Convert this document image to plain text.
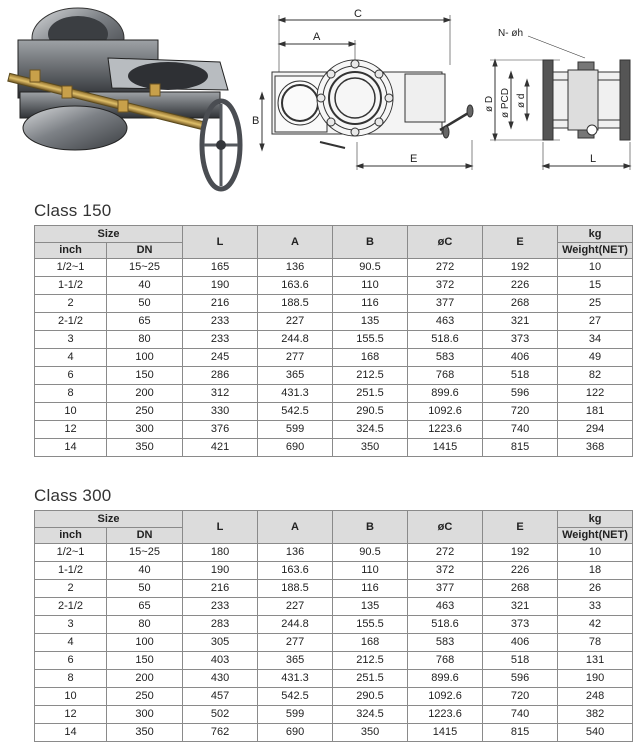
C
A
B
E
N- øh
ø D ø PCD ø d
L
Class 150
Size		L	A	B	øC	E	kg
inch	DN						Weight(NET)
1/2~1	15~25	165	136	90.5	272	192	10
1-1/2	40	190	163.6	110	372	226	15
2	50	216	188.5	116	377	268	25
2-1/2	65	233	227	135	463	321	27
3	80	233	244.8	155.5	518.6	373	34
4	100	245	277	168	583	406	49
6	150	286	365	212.5	768	518	82
8	200	312	431.3	251.5	899.6	596	122
10	250	330	542.5	290.5	1092.6	720	181
12	300	376	599	324.5	1223.6	740	294
14	350	421	690	350	1415	815	368
Class 300
Size		L	A	B	øC	E	kg
inch	DN						Weight(NET)
1/2~1	15~25	180	136	90.5	272	192	10
1-1/2	40	190	163.6	110	372	226	18
2	50	216	188.5	116	377	268	26
2-1/2	65	233	227	135	463	321	33
3	80	283	244.8	155.5	518.6	373	42
4	100	305	277	168	583	406	78
6	150	403	365	212.5	768	518	131
8	200	430	431.3	251.5	899.6	596	190
10	250	457	542.5	290.5	1092.6	720	248
12	300	502	599	324.5	1223.6	740	382
14	350	762	690	350	1415	815	540
